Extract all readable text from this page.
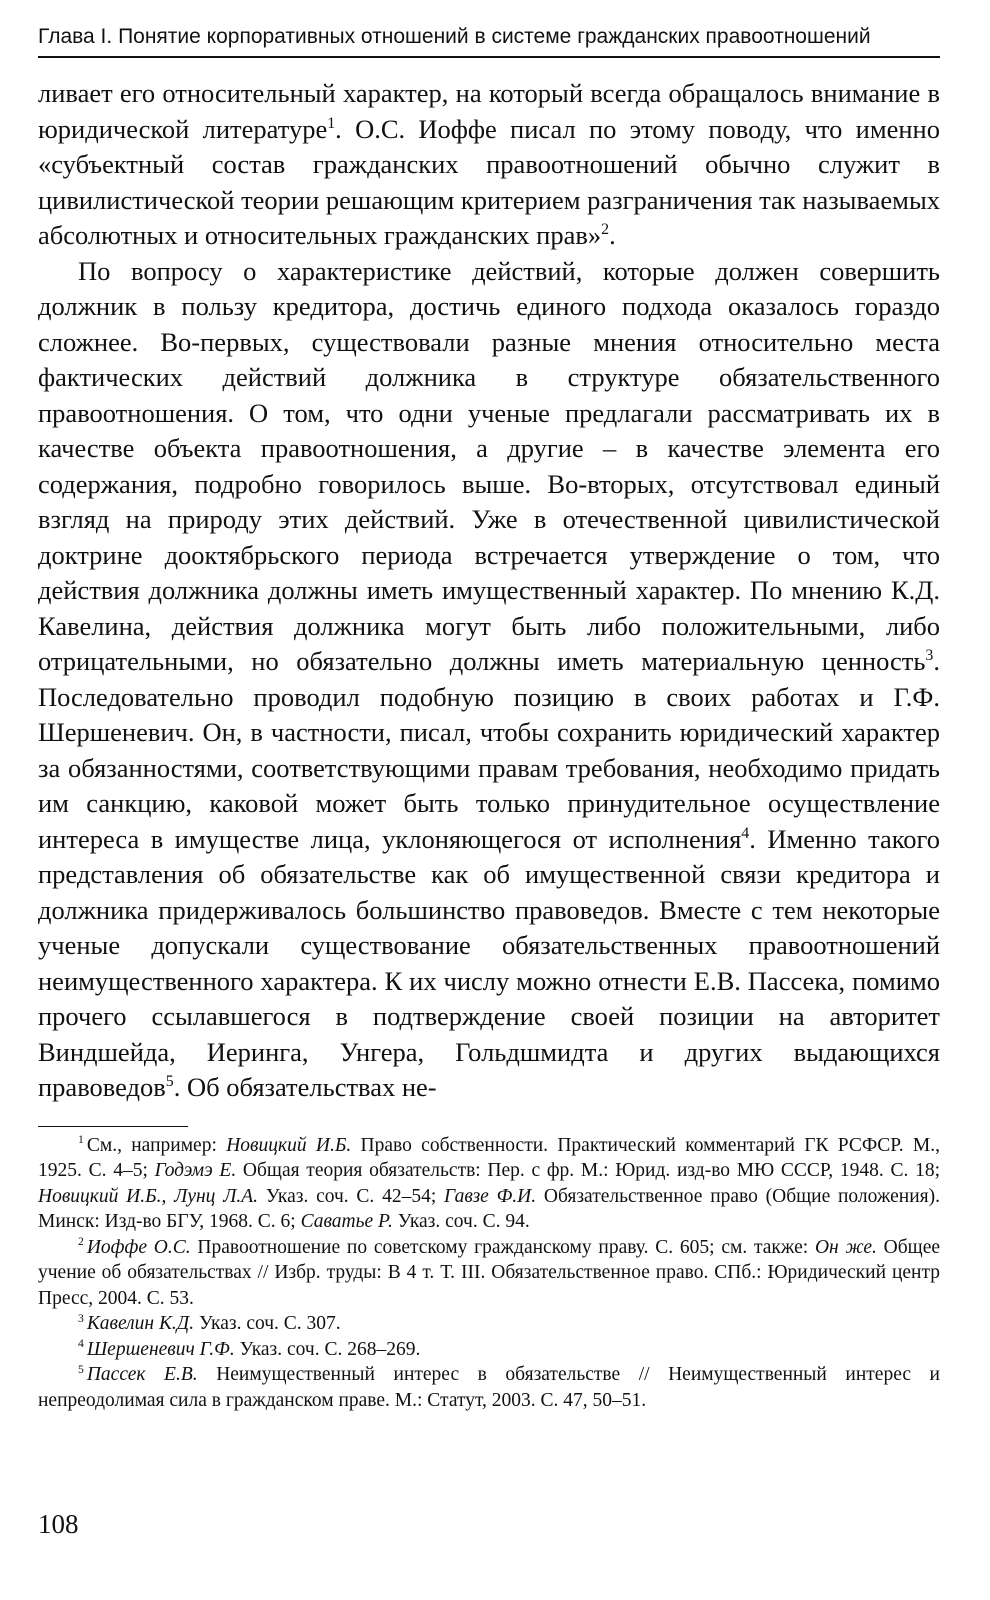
Глава I. Понятие корпоративных отношений в системе гражданских правоотношений

ливает его относительный характер, на который всегда обращалось внимание в юридической литературе$^1$. О.С. Иоффе писал по этому поводу, что именно «субъектный состав гражданских правоотношений обычно служит в цивилистической теории решающим критерием разграничения так называемых абсолютных и относительных гражданских прав»$^2$.

По вопросу о характеристике действий, которые должен совершить должник в пользу кредитора, достичь единого подхода оказалось гораздо сложнее. Во-первых, существовали разные мнения относительно места фактических действий должника в структуре обязательственного правоотношения. О том, что одни ученые предлагали рассматривать их в качестве объекта правоотношения, а другие – в качестве элемента его содержания, подробно говорилось выше. Во-вторых, отсутствовал единый взгляд на природу этих действий. Уже в отечественной цивилистической доктрине дооктябрьского периода встречается утверждение о том, что действия должника должны иметь имущественный характер. По мнению К.Д. Кавелина, действия должника могут быть либо положительными, либо отрицательными, но обязательно должны иметь материальную ценность$^3$. Последовательно проводил подобную позицию в своих работах и Г.Ф. Шершеневич. Он, в частности, писал, чтобы сохранить юридический характер за обязанностями, соответствующими правам требования, необходимо придать им санкцию, каковой может быть только принудительное осуществление интереса в имуществе лица, уклоняющегося от исполнения$^4$. Именно такого представления об обязательстве как об имущественной связи кредитора и должника придерживалось большинство правоведов. Вместе с тем некоторые ученые допускали существование обязательственных правоотношений неимущественного характера. К их числу можно отнести Е.В. Пассека, помимо прочего ссылавшегося в подтверждение своей позиции на авторитет Виндшейда, Иеринга, Унгера, Гольдшмидта и других выдающихся правоведов$^5$. Об обязательствах не-

$^1$ См., например: Новицкий И.Б. Право собственности. Практический комментарий ГК РСФСР. М., 1925. С. 4–5; Годэмэ Е. Общая теория обязательств: Пер. с фр. М.: Юрид. изд-во МЮ СССР, 1948. С. 18; Новицкий И.Б., Лунц Л.А. Указ. соч. С. 42–54; Гавзе Ф.И. Обязательственное право (Общие положения). Минск: Изд-во БГУ, 1968. С. 6; Саватье Р. Указ. соч. С. 94.

$^2$ Иоффе О.С. Правоотношение по советскому гражданскому праву. С. 605; см. также: Он же. Общее учение об обязательствах // Избр. труды: В 4 т. Т. III. Обязательственное право. СПб.: Юридический центр Пресс, 2004. С. 53.

$^3$ Кавелин К.Д. Указ. соч. С. 307.

$^4$ Шершеневич Г.Ф. Указ. соч. С. 268–269.

$^5$ Пассек Е.В. Неимущественный интерес в обязательстве // Неимущественный интерес и непреодолимая сила в гражданском праве. М.: Статут, 2003. С. 47, 50–51.

108
